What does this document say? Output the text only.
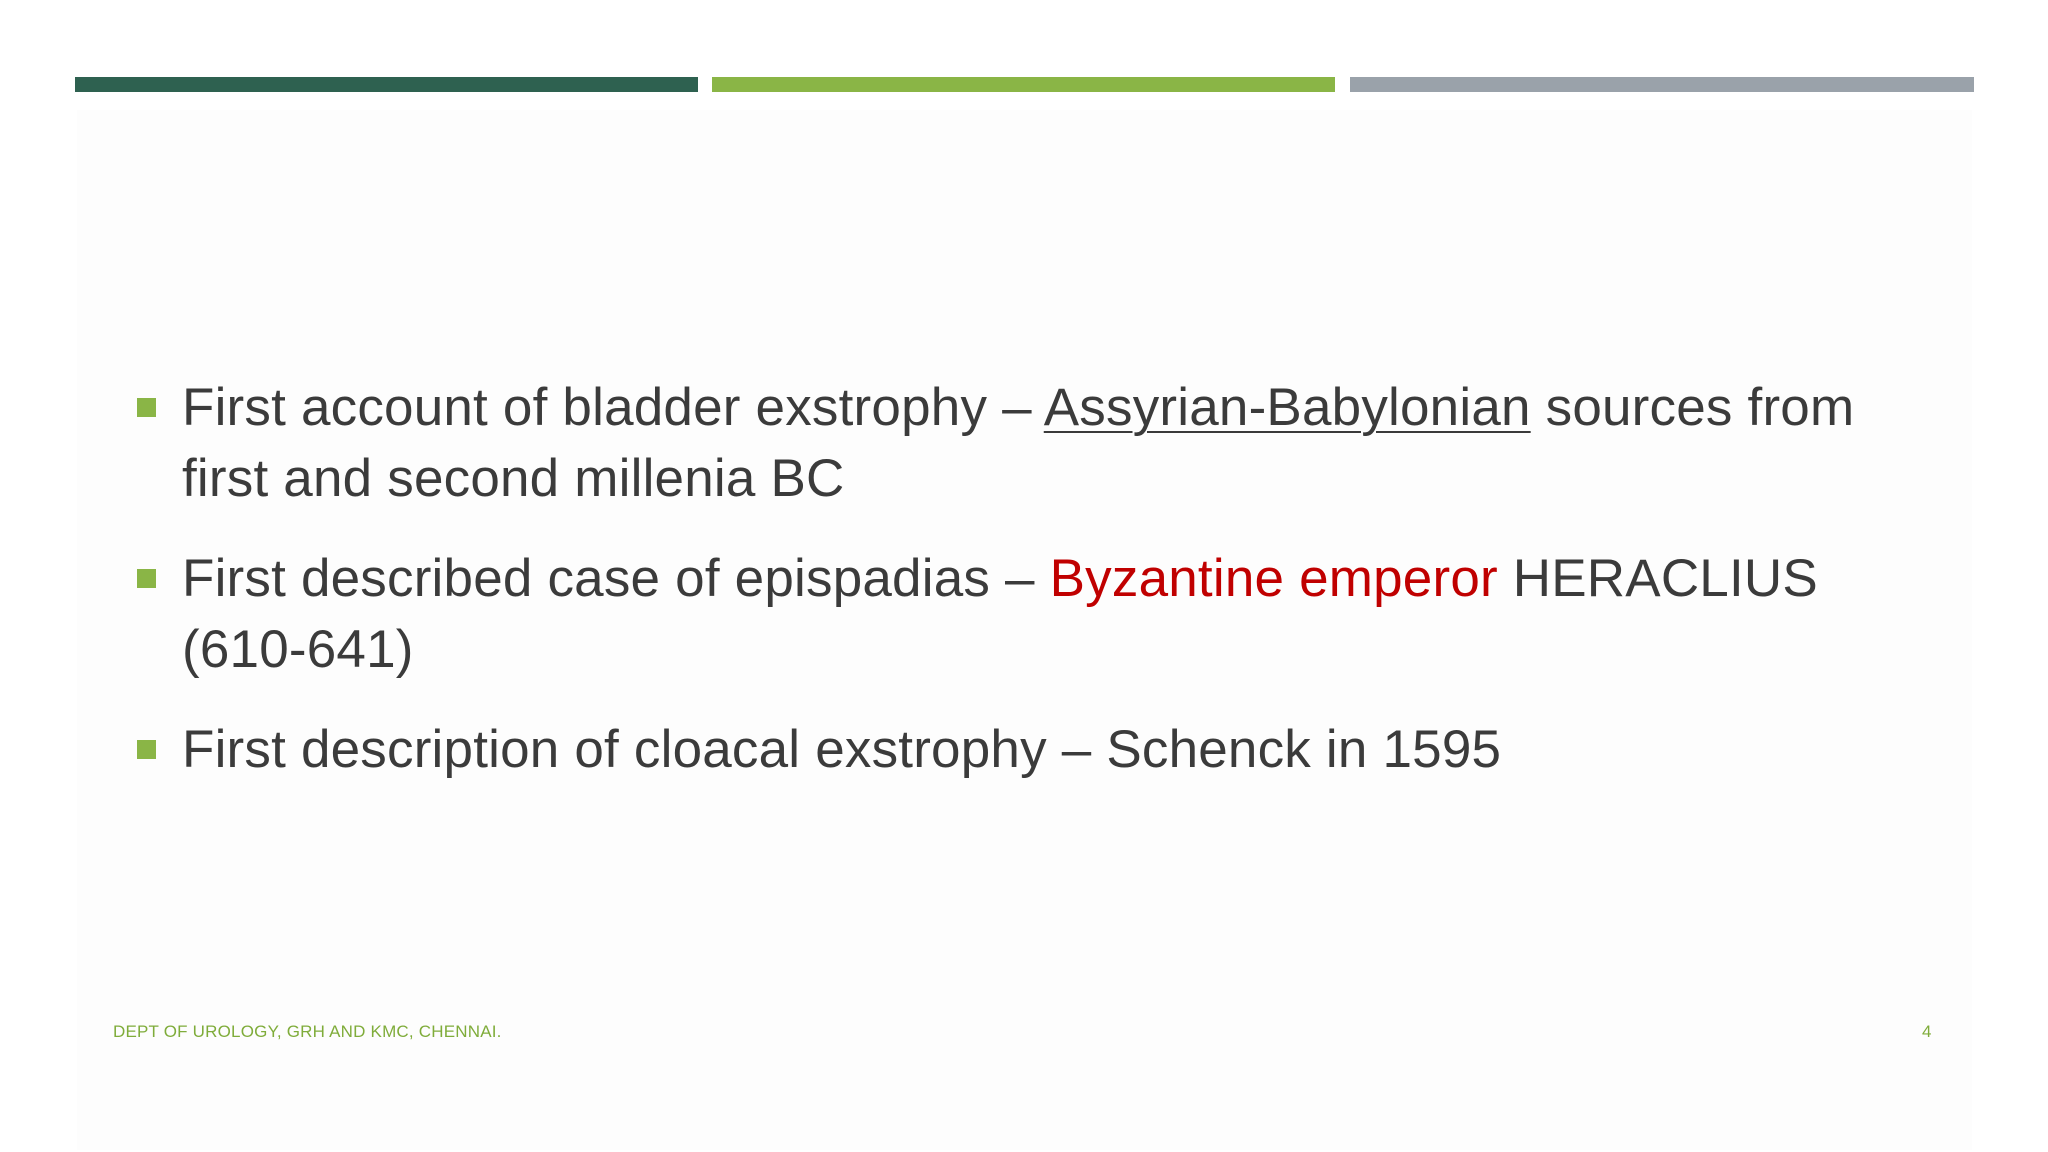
First account of bladder exstrophy – Assyrian-Babylonian sources from first and second millenia BC
First described case of epispadias – Byzantine emperor HERACLIUS (610-641)
First description of cloacal exstrophy – Schenck in 1595
DEPT OF UROLOGY, GRH AND KMC, CHENNAI.	4
